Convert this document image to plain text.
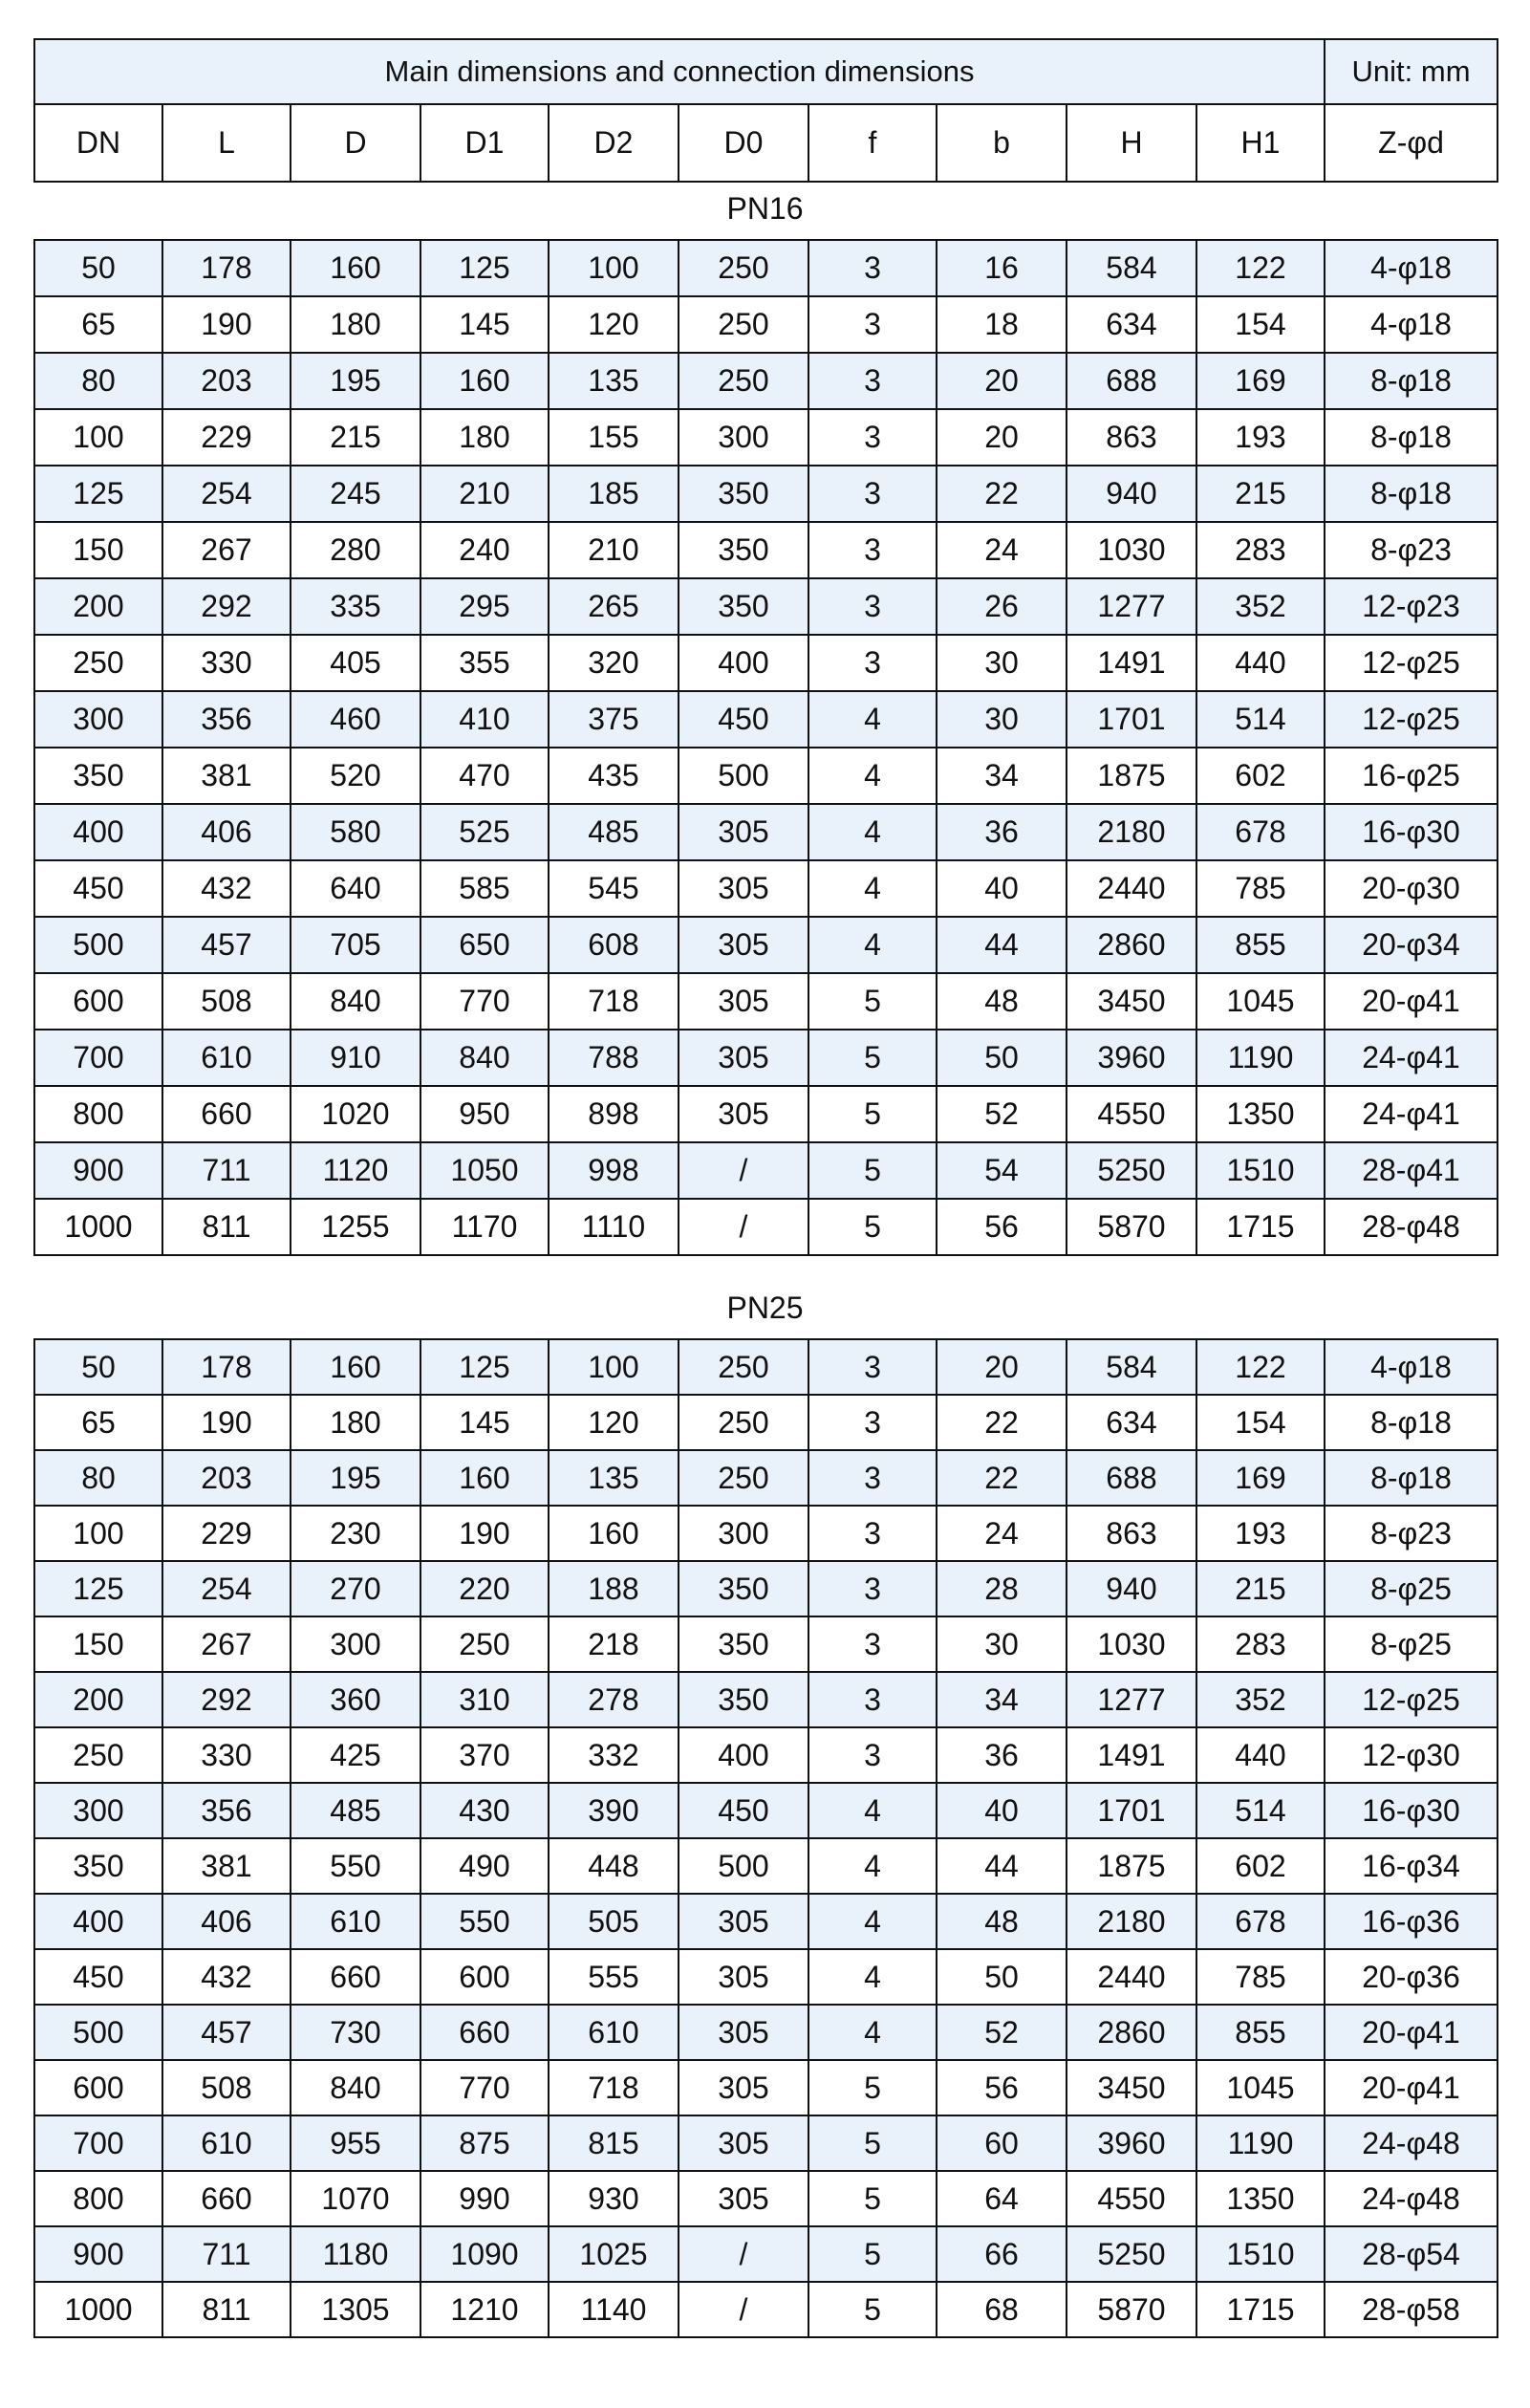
Main dimensions and connection dimensions										Unit: mm
DN	L	D	D1	D2	D0	f	b	H	H1	Z-φd
PN16
50	178	160	125	100	250	3	16	584	122	4-φ18
65	190	180	145	120	250	3	18	634	154	4-φ18
80	203	195	160	135	250	3	20	688	169	8-φ18
100	229	215	180	155	300	3	20	863	193	8-φ18
125	254	245	210	185	350	3	22	940	215	8-φ18
150	267	280	240	210	350	3	24	1030	283	8-φ23
200	292	335	295	265	350	3	26	1277	352	12-φ23
250	330	405	355	320	400	3	30	1491	440	12-φ25
300	356	460	410	375	450	4	30	1701	514	12-φ25
350	381	520	470	435	500	4	34	1875	602	16-φ25
400	406	580	525	485	305	4	36	2180	678	16-φ30
450	432	640	585	545	305	4	40	2440	785	20-φ30
500	457	705	650	608	305	4	44	2860	855	20-φ34
600	508	840	770	718	305	5	48	3450	1045	20-φ41
700	610	910	840	788	305	5	50	3960	1190	24-φ41
800	660	1020	950	898	305	5	52	4550	1350	24-φ41
900	711	1120	1050	998	/	5	54	5250	1510	28-φ41
1000	811	1255	1170	1110	/	5	56	5870	1715	28-φ48
PN25
50	178	160	125	100	250	3	20	584	122	4-φ18
65	190	180	145	120	250	3	22	634	154	8-φ18
80	203	195	160	135	250	3	22	688	169	8-φ18
100	229	230	190	160	300	3	24	863	193	8-φ23
125	254	270	220	188	350	3	28	940	215	8-φ25
150	267	300	250	218	350	3	30	1030	283	8-φ25
200	292	360	310	278	350	3	34	1277	352	12-φ25
250	330	425	370	332	400	3	36	1491	440	12-φ30
300	356	485	430	390	450	4	40	1701	514	16-φ30
350	381	550	490	448	500	4	44	1875	602	16-φ34
400	406	610	550	505	305	4	48	2180	678	16-φ36
450	432	660	600	555	305	4	50	2440	785	20-φ36
500	457	730	660	610	305	4	52	2860	855	20-φ41
600	508	840	770	718	305	5	56	3450	1045	20-φ41
700	610	955	875	815	305	5	60	3960	1190	24-φ48
800	660	1070	990	930	305	5	64	4550	1350	24-φ48
900	711	1180	1090	1025	/	5	66	5250	1510	28-φ54
1000	811	1305	1210	1140	/	5	68	5870	1715	28-φ58
